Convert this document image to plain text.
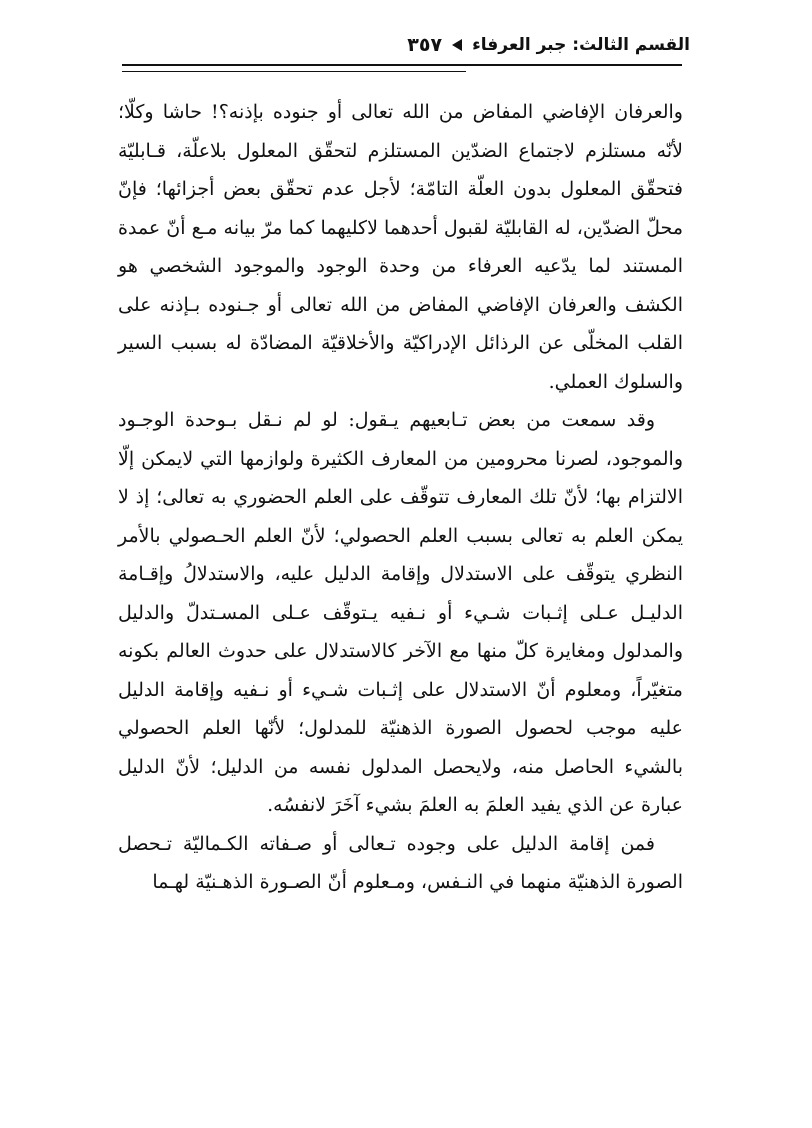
القسم الثالث: جبر العرفاء
٣٥٧

والعرفان الإفاضي المفاض من الله تعالى أو جنوده بإذنه؟! حاشا وكلّا؛ لأنّه مستلزم لاجتماع الضدّين المستلزم لتحقّق المعلول بلاعلّة، قـابليّة فتحقّق المعلول بدون العلّة التامّة؛ لأجل عدم تحقّق بعض أجزائها؛ فإنّ محلّ الضدّين، له القابليّة لقبول أحدهما لاكليهما كما مرّ بيانه مـع أنّ عمدة المستند لما يدّعيه العرفاء من وحدة الوجود والموجود الشخصي هو الكشف والعرفان الإفاضي المفاض من الله تعالى أو جـنوده بـإذنه على القلب المخلّى عن الرذائل الإدراكيّة والأخلاقيّة المضادّة له بسبب السير والسلوك العملي.

وقد سمعت من بعض تـابعيهم يـقول: لو لم نـقل بـوحدة الوجـود والموجود، لصرنا محرومين من المعارف الكثيرة ولوازمها التي لايمكن إلّا الالتزام بها؛ لأنّ تلك المعارف تتوقّف على العلم الحضوري به تعالى؛ إذ لا يمكن العلم به تعالى بسبب العلم الحصولي؛ لأنّ العلم الحـصولي بالأمر النظري يتوقّف على الاستدلال وإقامة الدليل عليه، والاستدلالُ وإقـامة الدليـل عـلى إثـبات شـيء أو نـفيه يـتوقّف عـلى المسـتدلّ والدليل والمدلول ومغايرة كلّ منها مع الآخر كالاستدلال على حدوث العالم بكونه متغيّراً، ومعلوم أنّ الاستدلال على إثـبات شـيء أو نـفيه وإقامة الدليل عليه موجب لحصول الصورة الذهنيّة للمدلول؛ لأنّها العلم الحصولي بالشيء الحاصل منه، ولايحصل المدلول نفسه من الدليل؛ لأنّ الدليل عبارة عن الذي يفيد العلمَ به العلمَ بشيء آخَرَ لانفسُه.

فمن إقامة الدليل على وجوده تـعالى أو صـفاته الكـماليّة تـحصل الصورة الذهنيّة منهما في النـفس، ومـعلوم أنّ الصـورة الذهـنيّة لهـما
